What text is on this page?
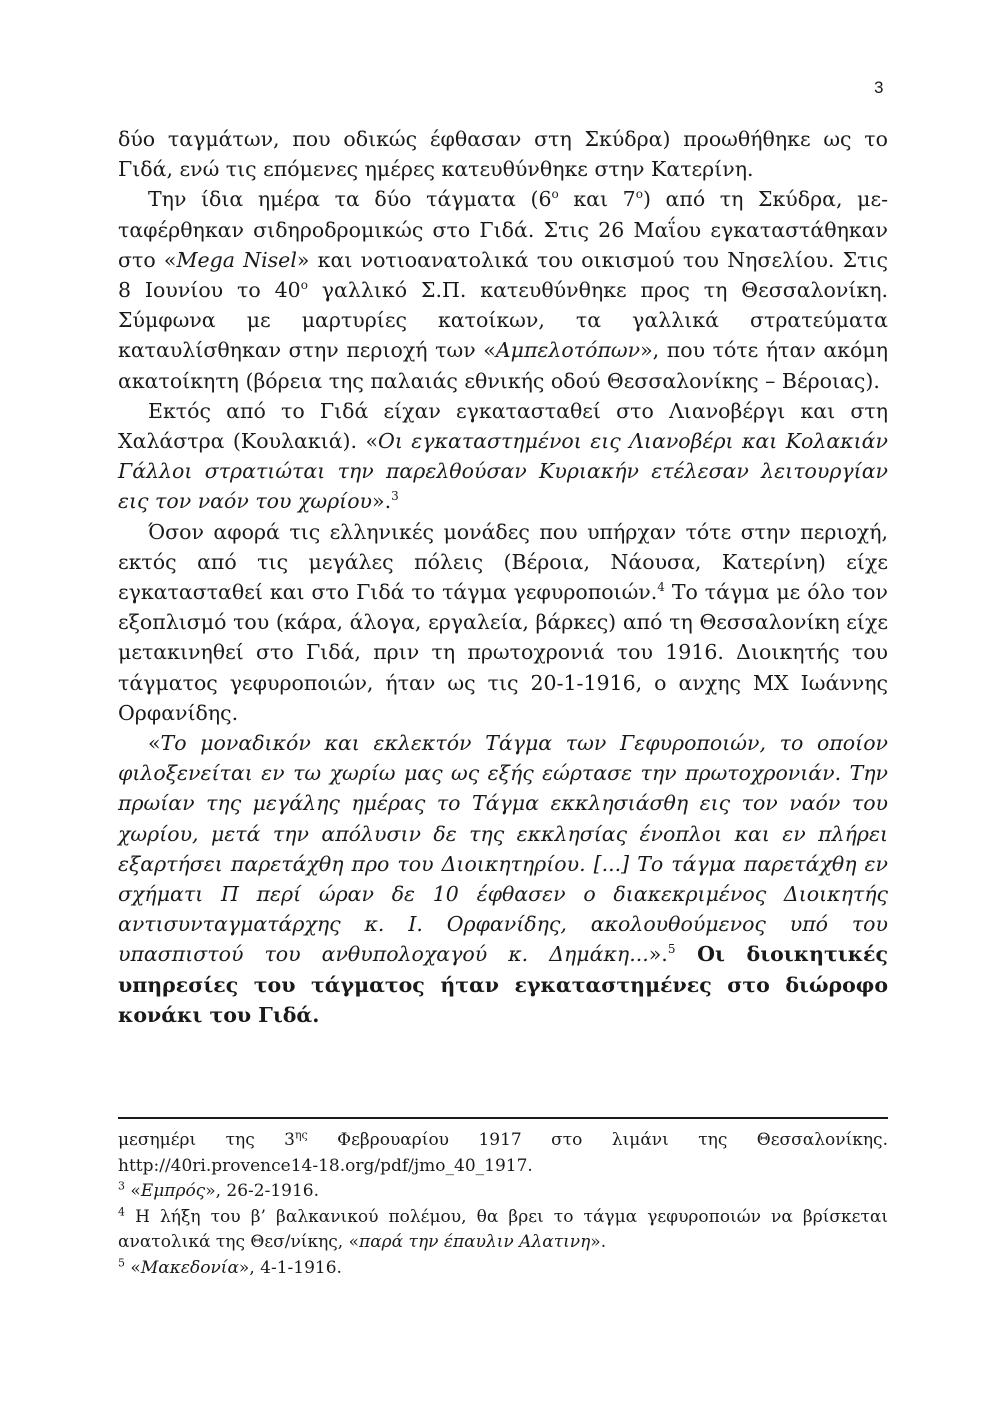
3

δύο ταγμάτων, που οδικώς έφθασαν στη Σκύδρα) προωθήθηκε ως το Γιδά, ενώ τις επόμενες ημέρες κατευθύνθηκε στην Κατερίνη.

Την ίδια ημέρα τα δύο τάγματα ($6^o$ και $7^o$) από τη Σκύδρα, μεταφέρθηκαν σιδηροδρομικώς στο Γιδά. Στις 26 Μαΐου εγκαταστάθηκαν στο «Mega Nisel» και νοτιοανατολικά του οικισμού του Νησελίου. Στις 8 Ιουνίου το $40^o$ γαλλικό Σ.Π. κατευθύνθηκε προς τη Θεσσαλονίκη. Σύμφωνα με μαρτυρίες κατοίκων, τα γαλλικά στρατεύματα καταυλίσθηκαν στην περιοχή των «Αμπελοτόπων», που τότε ήταν ακόμη ακατοίκητη (βόρεια της παλαιάς εθνικής οδού Θεσσαλονίκης – Βέροιας).

Εκτός από το Γιδά είχαν εγκατασταθεί στο Λιανοβέργι και στη Χαλάστρα (Κουλακιά). «Οι εγκαταστημένοι εις Λιανοβέρι και Κολακιάν Γάλλοι στρατιώται την παρελθούσαν Κυριακήν ετέλεσαν λειτουργίαν εις τον ναόν του χωρίου».$^3$

Όσον αφορά τις ελληνικές μονάδες που υπήρχαν τότε στην περιοχή, εκτός από τις μεγάλες πόλεις (Βέροια, Νάουσα, Κατερίνη) είχε εγκατασταθεί και στο Γιδά το τάγμα γεφυροποιών.$^4$ Το τάγμα με όλο τον εξοπλισμό του (κάρα, άλογα, εργαλεία, βάρκες) από τη Θεσσαλονίκη είχε μετακινηθεί στο Γιδά, πριν τη πρωτοχρονιά του 1916. Διοικητής του τάγματος γεφυροποιών, ήταν ως τις 20-1-1916, ο ανχης ΜΧ Ιωάννης Ορφανίδης.

«Το μοναδικόν και εκλεκτόν Τάγμα των Γεφυροποιών, το οποίον φιλοξενείται εν τω χωρίω μας ως εξής εώρτασε την πρωτοχρονιάν. Την πρωίαν της μεγάλης ημέρας το Τάγμα εκκλησιάσθη εις τον ναόν του χωρίου, μετά την απόλυσιν δε της εκκλησίας ένοπλοι και εν πλήρει εξαρτήσει παρετάχθη προ του Διοικητηρίου. [...] Το τάγμα παρετάχθη εν σχήματι Π περί ώραν δε 10 έφθασεν ο διακεκριμένος Διοικητής αντισυνταγματάρχης κ. Ι. Ορφανίδης, ακολουθούμενος υπό του υπασπιστού του ανθυπολοχαγού κ. Δημάκη...».$^5$ Οι διοικητικές υπηρεσίες του τάγματος ήταν εγκαταστημένες στο διώροφο κονάκι του Γιδά.

μεσημέρι της $3^{\eta\varsigma}$ Φεβρουαρίου 1917 στο λιμάνι της Θεσσαλονίκης. http://40ri.provence14-18.org/pdf/jmo_40_1917.

$^3$ «Εμπρός», 26-2-1916.

$^4$ Η λήξη του β’ βαλκανικού πολέμου, θα βρει το τάγμα γεφυροποιών να βρίσκεται ανατολικά της Θεσ/νίκης, «παρά την έπαυλιν Αλατινη».

$^5$ «Μακεδονία», 4-1-1916.
